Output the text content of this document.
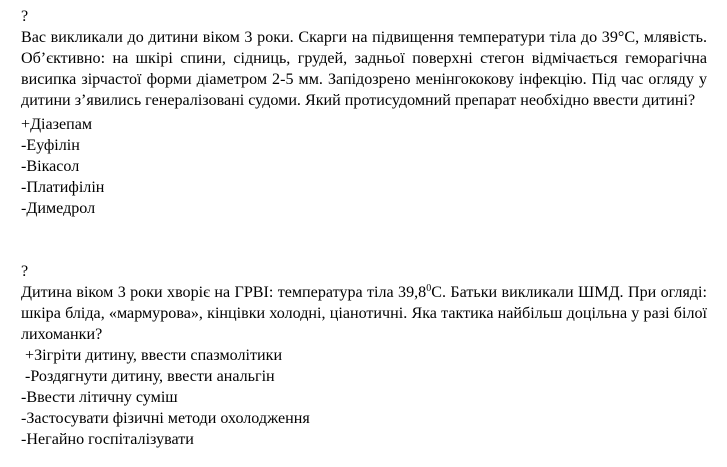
?

Вас викликали до дитини віком 3 роки. Скарги на підвищення температури тіла до 39°С, млявість. Об’єктивно: на шкірі спини, сідниць, грудей, задньої поверхні стегон відмічається геморагічна висипка зірчастої форми діаметром 2-5 мм. Запідозрено менінгококову інфекцію. Під час огляду у дитини з’явились генералізовані судоми. Який протисудомний препарат необхідно ввести дитині?

+Діазепам
-Еуфілін
-Вікасол
-Платифілін
-Димедрол
?

Дитина віком 3 роки хворіє на ГРВІ: температура тіла 39,8$^0$С. Батьки викликали ШМД. При огляді: шкіра бліда, «мармурова», кінцівки холодні, ціанотичні. Яка тактика найбільш доцільна у разі білої лихоманки?

+Зігріти дитину, ввести спазмолітики
-Роздягнути дитину, ввести анальгін
-Ввести літичну суміш
-Застосувати фізичні методи охолодження
-Негайно госпіталізувати
